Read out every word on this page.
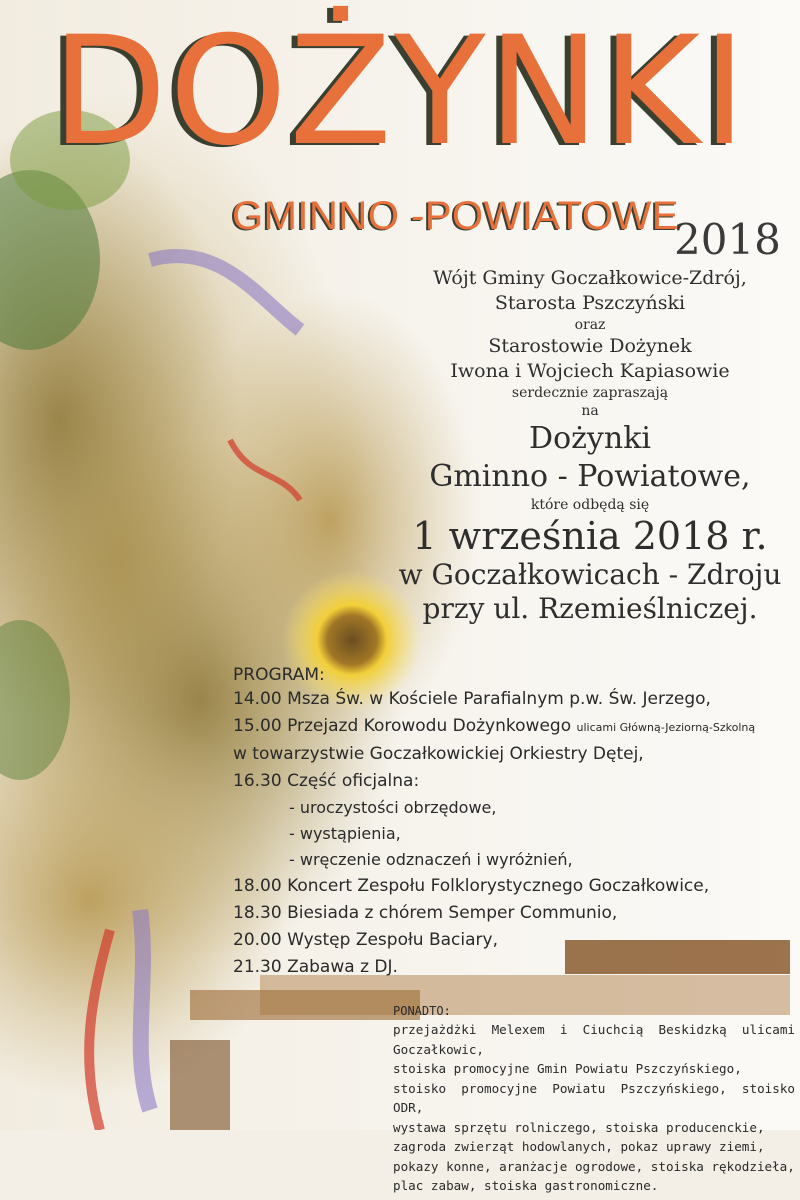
DOŻYNKI
GMINNO -POWIATOWE
2018
Wójt Gminy Goczałkowice-Zdrój,
Starosta Pszczyński
oraz
Starostowie Dożynek
Iwona i Wojciech Kapiasowie
serdecznie zapraszają
na
Dożynki
Gminno - Powiatowe,
które odbędą się
1 września 2018 r.
w Goczałkowicach - Zdroju
przy ul. Rzemieślniczej.
PROGRAM:
14.00 Msza Św. w Kościele Parafialnym p.w. Św. Jerzego,
15.00 Przejazd Korowodu Dożynkowego ulicami Główną-Jeziorną-Szkolną
w towarzystwie Goczałkowickiej Orkiestry Dętej,
16.30 Część oficjalna:
- uroczystości obrzędowe,
- wystąpienia,
- wręczenie odznaczeń i wyróżnień,
18.00 Koncert Zespołu Folklorystycznego Goczałkowice,
18.30 Biesiada z chórem Semper Communio,
20.00 Występ Zespołu Baciary,
21.30 Zabawa z DJ.
PONADTO:
przejażdżki Melexem i Ciuchcią Beskidzką ulicami Goczałkowic,
stoiska promocyjne Gmin Powiatu Pszczyńskiego,
stoisko promocyjne Powiatu Pszczyńskiego, stoisko ODR,
wystawa sprzętu rolniczego, stoiska producenckie,
zagroda zwierząt hodowlanych, pokaz uprawy ziemi,
pokazy konne, aranżacje ogrodowe, stoiska rękodzieła,
plac zabaw, stoiska gastronomiczne.
